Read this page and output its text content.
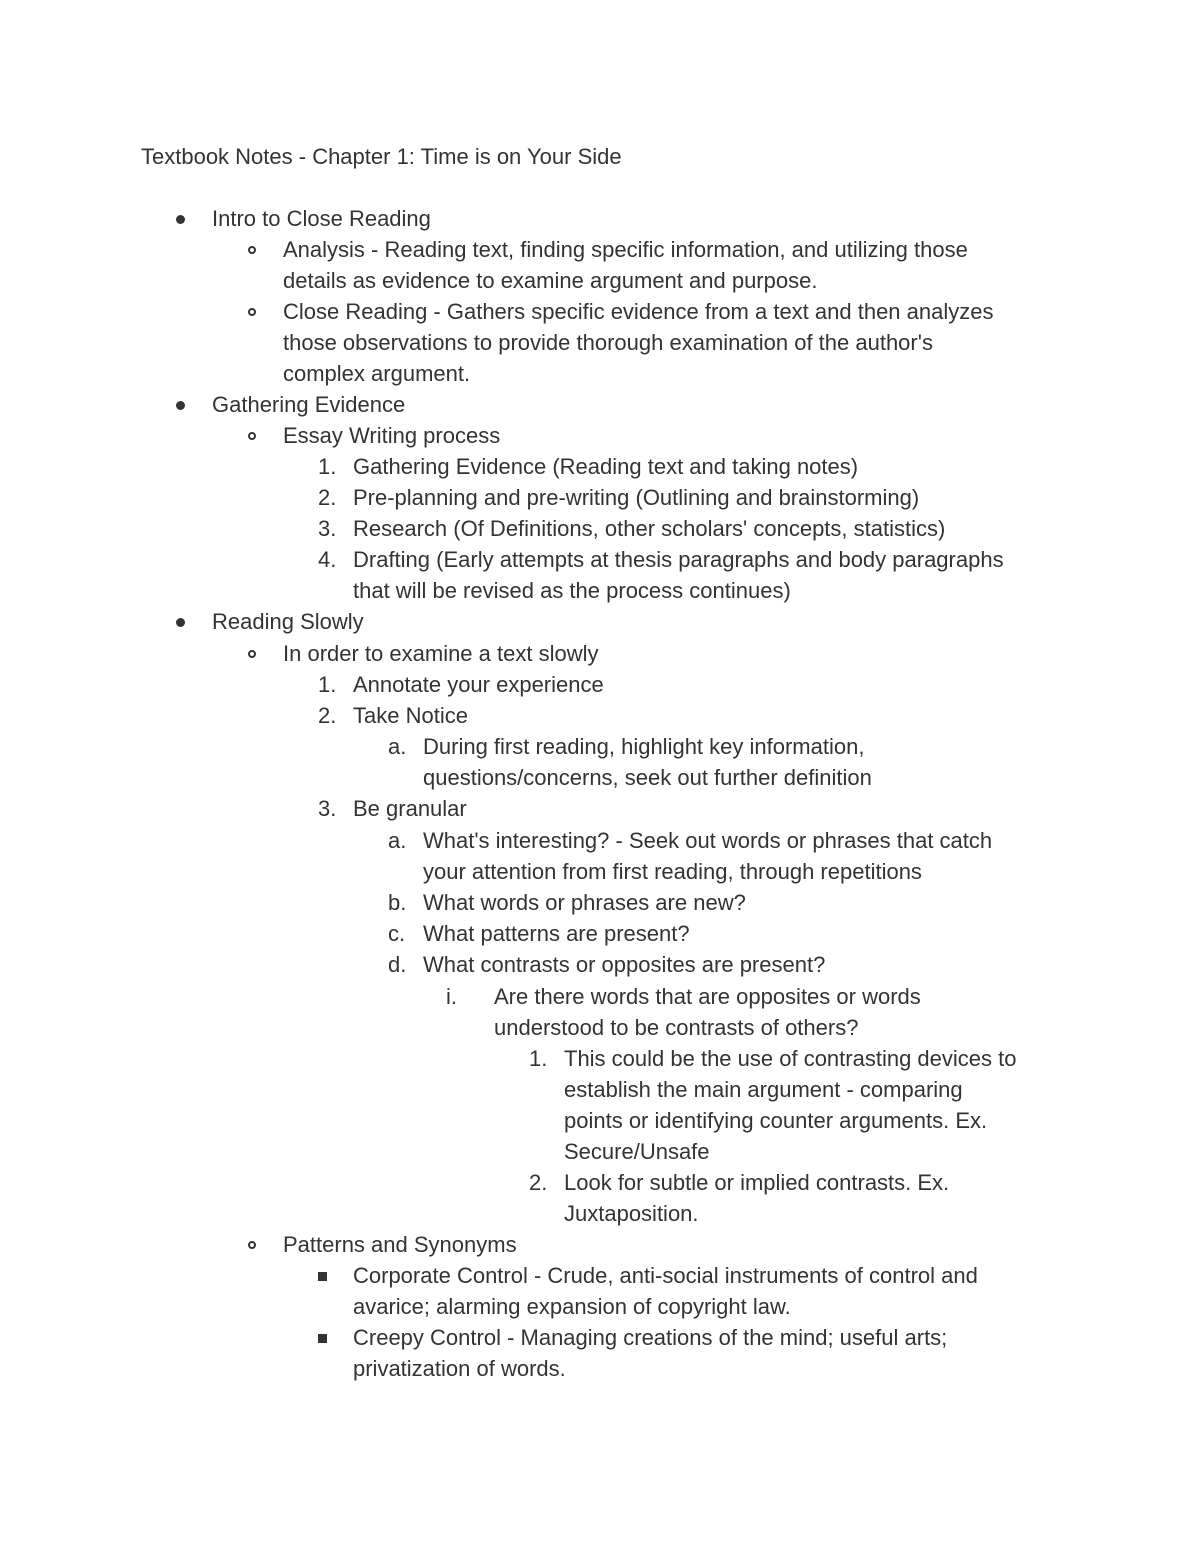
Textbook Notes - Chapter 1: Time is on Your Side
Intro to Close Reading
Analysis - Reading text, finding specific information, and utilizing those
details as evidence to examine argument and purpose.
Close Reading - Gathers specific evidence from a text and then analyzes
those observations to provide thorough examination of the author's
complex argument.
Gathering Evidence
Essay Writing process
1. Gathering Evidence (Reading text and taking notes)
2. Pre-planning and pre-writing (Outlining and brainstorming)
3. Research (Of Definitions, other scholars' concepts, statistics)
4. Drafting (Early attempts at thesis paragraphs and body paragraphs
that will be revised as the process continues)
Reading Slowly
In order to examine a text slowly
1. Annotate your experience
2. Take Notice
a. During first reading, highlight key information,
questions/concerns, seek out further definition
3. Be granular
a. What's interesting? - Seek out words or phrases that catch
your attention from first reading, through repetitions
b. What words or phrases are new?
c. What patterns are present?
d. What contrasts or opposites are present?
i. Are there words that are opposites or words
understood to be contrasts of others?
1. This could be the use of contrasting devices to
establish the main argument - comparing
points or identifying counter arguments. Ex.
Secure/Unsafe
2. Look for subtle or implied contrasts. Ex.
Juxtaposition.
Patterns and Synonyms
Corporate Control - Crude, anti-social instruments of control and
avarice; alarming expansion of copyright law.
Creepy Control - Managing creations of the mind; useful arts;
privatization of words.
